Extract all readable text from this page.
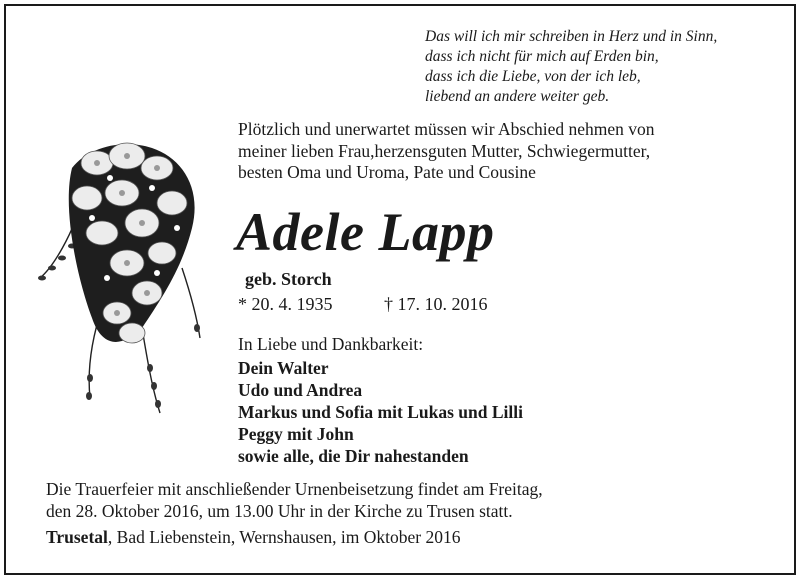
Das will ich mir schreiben in Herz und in Sinn,
dass ich nicht für mich auf Erden bin,
dass ich die Liebe, von der ich leb,
liebend an andere weiter geb.
Plötzlich und unerwartet müssen wir Abschied nehmen von
meiner lieben Frau,herzensguten Mutter, Schwiegermutter,
besten Oma und Uroma, Pate und Cousine
Adele Lapp
geb. Storch
* 20. 4. 1935	† 17. 10. 2016
In Liebe und Dankbarkeit:
Dein Walter
Udo und Andrea
Markus und Sofia mit Lukas und Lilli
Peggy mit John
sowie alle, die Dir nahestanden
Die Trauerfeier mit anschließender Urnenbeisetzung findet am Freitag,
den 28. Oktober 2016, um 13.00 Uhr in der Kirche zu Trusen statt.
Trusetal, Bad Liebenstein, Wernshausen, im Oktober 2016
